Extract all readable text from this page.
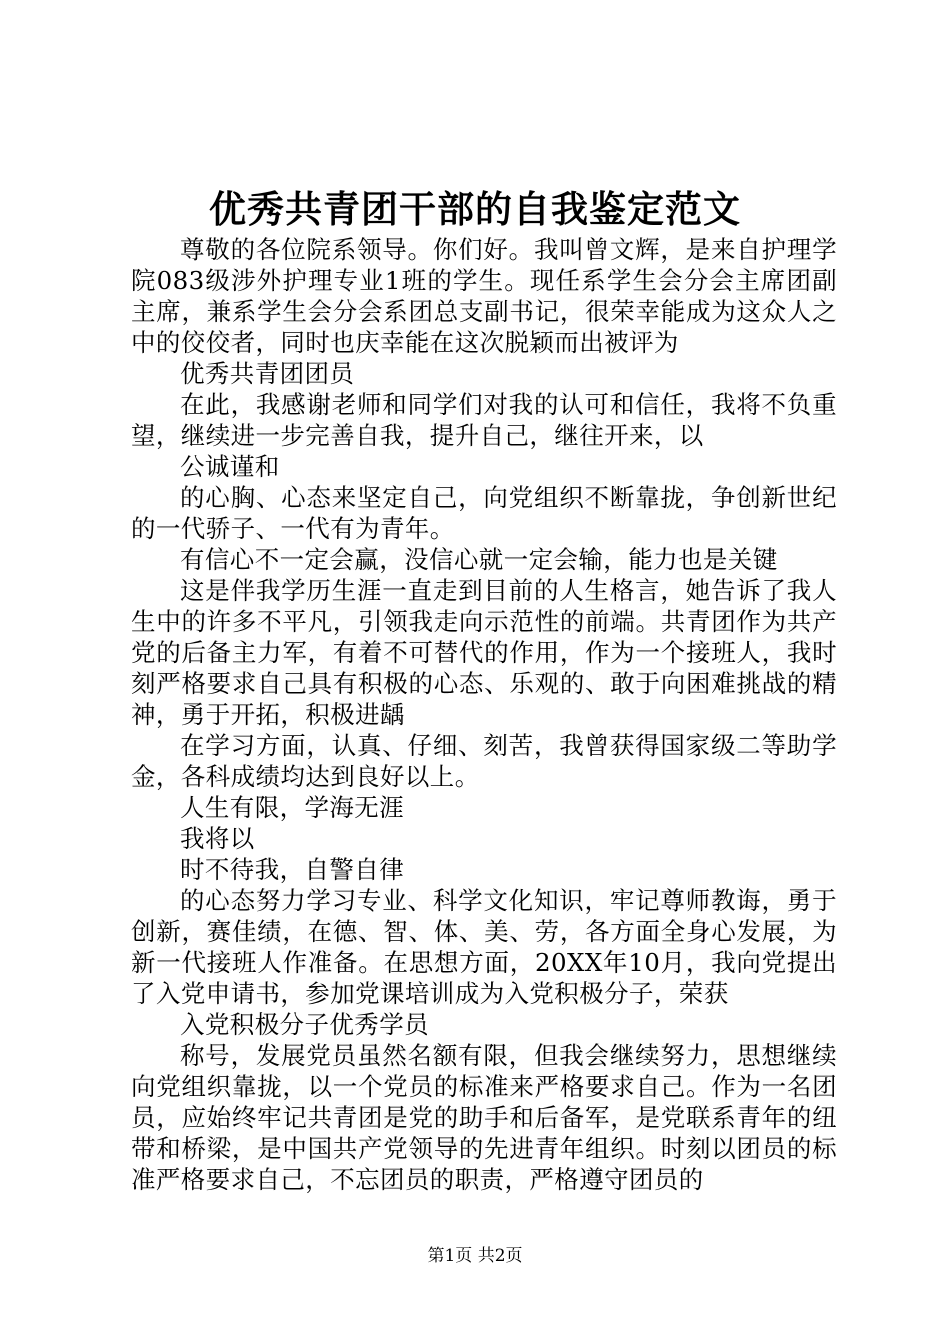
优秀共青团干部的自我鉴定范文

尊敬的各位院系领导。你们好。我叫曾文辉，是来自护理学院083级涉外护理专业1班的学生。现任系学生会分会主席团副主席，兼系学生会分会系团总支副书记，很荣幸能成为这众人之中的佼佼者，同时也庆幸能在这次脱颖而出被评为

优秀共青团团员

在此，我感谢老师和同学们对我的认可和信任，我将不负重望，继续进一步完善自我，提升自己，继往开来，以

公诚谨和

的心胸、心态来坚定自己，向党组织不断靠拢，争创新世纪的一代骄子、一代有为青年。

有信心不一定会赢，没信心就一定会输，能力也是关键

这是伴我学历生涯一直走到目前的人生格言，她告诉了我人生中的许多不平凡，引领我走向示范性的前端。共青团作为共产党的后备主力军，有着不可替代的作用，作为一个接班人，我时刻严格要求自己具有积极的心态、乐观的、敢于向困难挑战的精神，勇于开拓，积极进龋

在学习方面，认真、仔细、刻苦，我曾获得国家级二等助学金，各科成绩均达到良好以上。

人生有限，学海无涯

我将以

时不待我，自警自律

的心态努力学习专业、科学文化知识，牢记尊师教诲，勇于创新，赛佳绩，在德、智、体、美、劳，各方面全身心发展，为新一代接班人作准备。在思想方面，20XX年10月，我向党提出了入党申请书，参加党课培训成为入党积极分子，荣获

入党积极分子优秀学员

称号，发展党员虽然名额有限，但我会继续努力，思想继续向党组织靠拢，以一个党员的标准来严格要求自己。作为一名团员，应始终牢记共青团是党的助手和后备军，是党联系青年的纽带和桥梁，是中国共产党领导的先进青年组织。时刻以团员的标准严格要求自己，不忘团员的职责，严格遵守团员的

第1页 共2页
